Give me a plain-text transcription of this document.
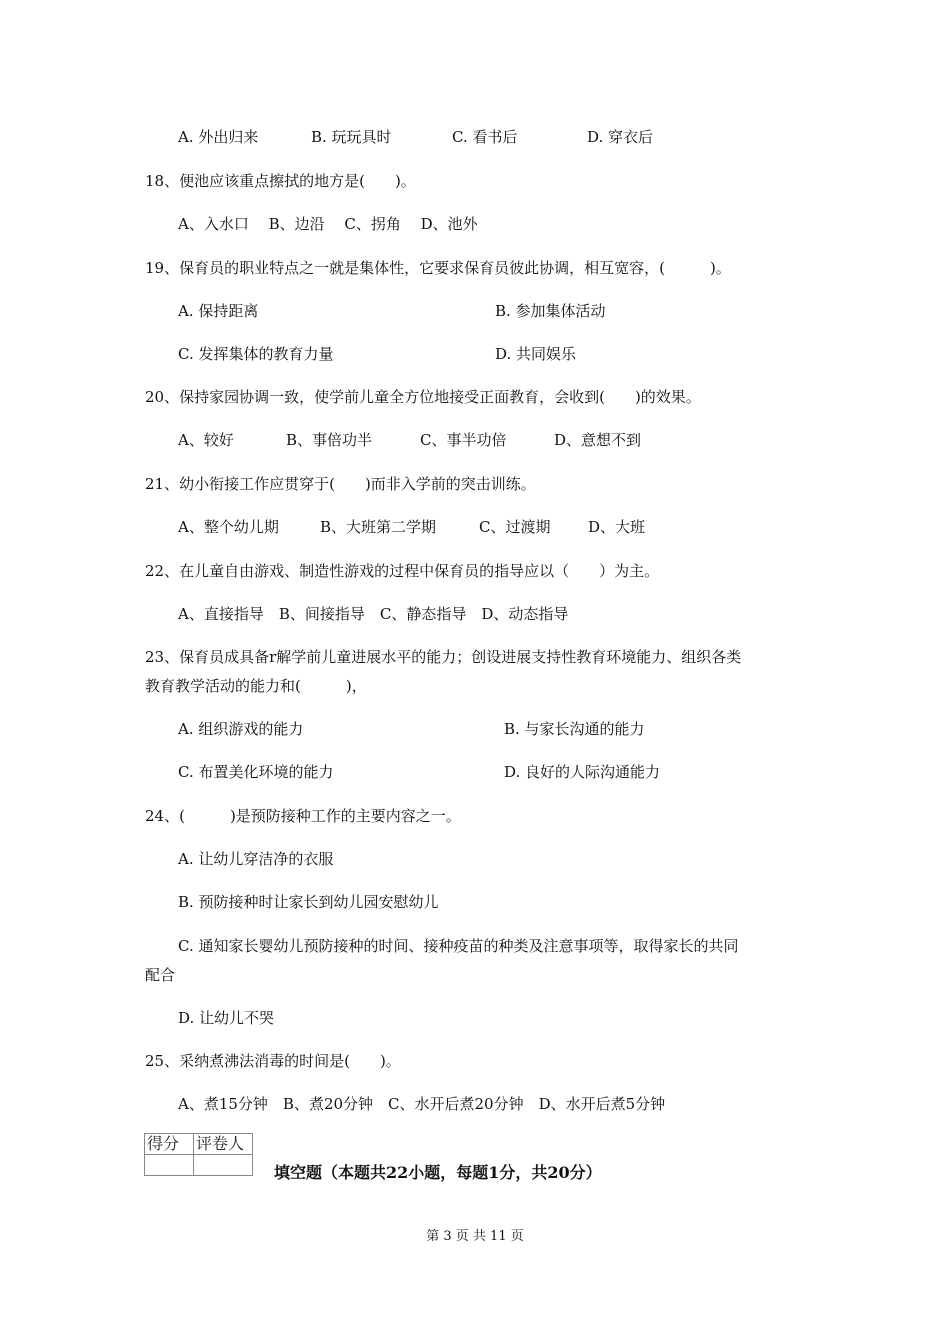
A. 外出归来	B. 玩玩具时	C. 看书后	D. 穿衣后
18、便池应该重点擦拭的地方是(　　)。
A、入水口　 B、边沿　 C、拐角　 D、池外
19、保育员的职业特点之一就是集体性，它要求保育员彼此协调，相互宽容，(　　　)。
A. 保持距离	B. 参加集体活动
C. 发挥集体的教育力量	D. 共同娱乐
20、保持家园协调一致，使学前儿童全方位地接受正面教育，会收到(　　)的效果。
A、较好	B、事倍功半	C、事半功倍	D、意想不到
21、幼小衔接工作应贯穿于(　　)而非入学前的突击训练。
A、整个幼儿期	B、大班第二学期	C、过渡期	D、大班
22、在儿童自由游戏、制造性游戏的过程中保育员的指导应以（　　）为主。
A、直接指导　B、间接指导　C、静态指导　D、动态指导
23、保育员成具备r解学前儿童进展水平的能力；创设进展支持性教育环境能力、组织各类
教育教学活动的能力和(　　　)，
A. 组织游戏的能力	B. 与家长沟通的能力
C. 布置美化环境的能力	D. 良好的人际沟通能力
24、(　　　)是预防接种工作的主要内容之一。
A. 让幼儿穿洁净的衣服
B. 预防接种时让家长到幼儿园安慰幼儿
C. 通知家长婴幼儿预防接种的时间、接种疫苗的种类及注意事项等，取得家长的共同
配合
D. 让幼儿不哭
25、采纳煮沸法消毒的时间是(　　)。
A、煮15分钟　B、煮20分钟　C、水开后煮20分钟　D、水开后煮5分钟
得分	评卷人

填空题（本题共22小题，每题1分，共20分）
第 3 页 共 11 页
